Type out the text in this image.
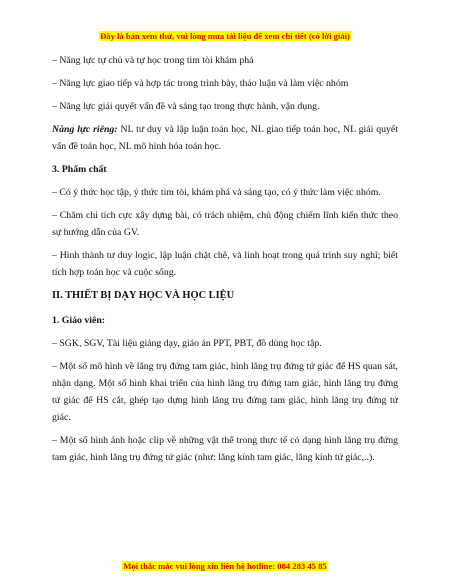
Đây là bản xem thử, vui lòng mua tài liệu để xem chi tiết (có lời giải)

– Năng lực tự chủ và tự học trong tìm tòi khám phá

– Năng lực giao tiếp và hợp tác trong trình bày, thảo luận và làm việc nhóm

– Năng lực giải quyết vấn đề và sáng tạo trong thực hành, vận dụng.

Năng lực riêng: NL tư duy và lập luận toán học, NL giao tiếp toán học, NL giải quyết vấn đề toán học, NL mô hình hóa toán học.

3. Phẩm chất

– Có ý thức học tập, ý thức tìm tòi, khám phá và sáng tạo, có ý thức làm việc nhóm.

– Chăm chỉ tích cực xây dựng bài, có trách nhiệm, chủ động chiếm lĩnh kiến thức theo sự hướng dẫn của GV.

– Hình thành tư duy logic, lập luận chặt chẽ, và linh hoạt trong quá trình suy nghĩ; biết tích hợp toán học và cuộc sống.

II. THIẾT BỊ DẠY HỌC VÀ HỌC LIỆU

1. Giáo viên:

– SGK, SGV, Tài liệu giảng dạy, giáo án PPT, PBT, đồ dùng học tập.

– Một số mô hình về lăng trụ đứng tam giác, hình lăng trụ đứng tứ giác để HS quan sát, nhận dạng. Một số hình khai triển của hình lăng trụ đứng tam giác, hình lăng trụ đứng tứ giác để HS cắt, ghép tạo dựng hình lăng trụ đứng tam giác, hình lăng trụ đứng tứ giác.

– Một số hình ảnh hoặc clip về những vật thể trong thực tế có dạng hình lăng trụ đứng tam giác, hình lăng trụ đứng tứ giác (như: lăng kính tam giác, lăng kính tứ giác,..).

Mọi thắc mắc vui lòng xin liên hệ hotline: 084 283 45 85
